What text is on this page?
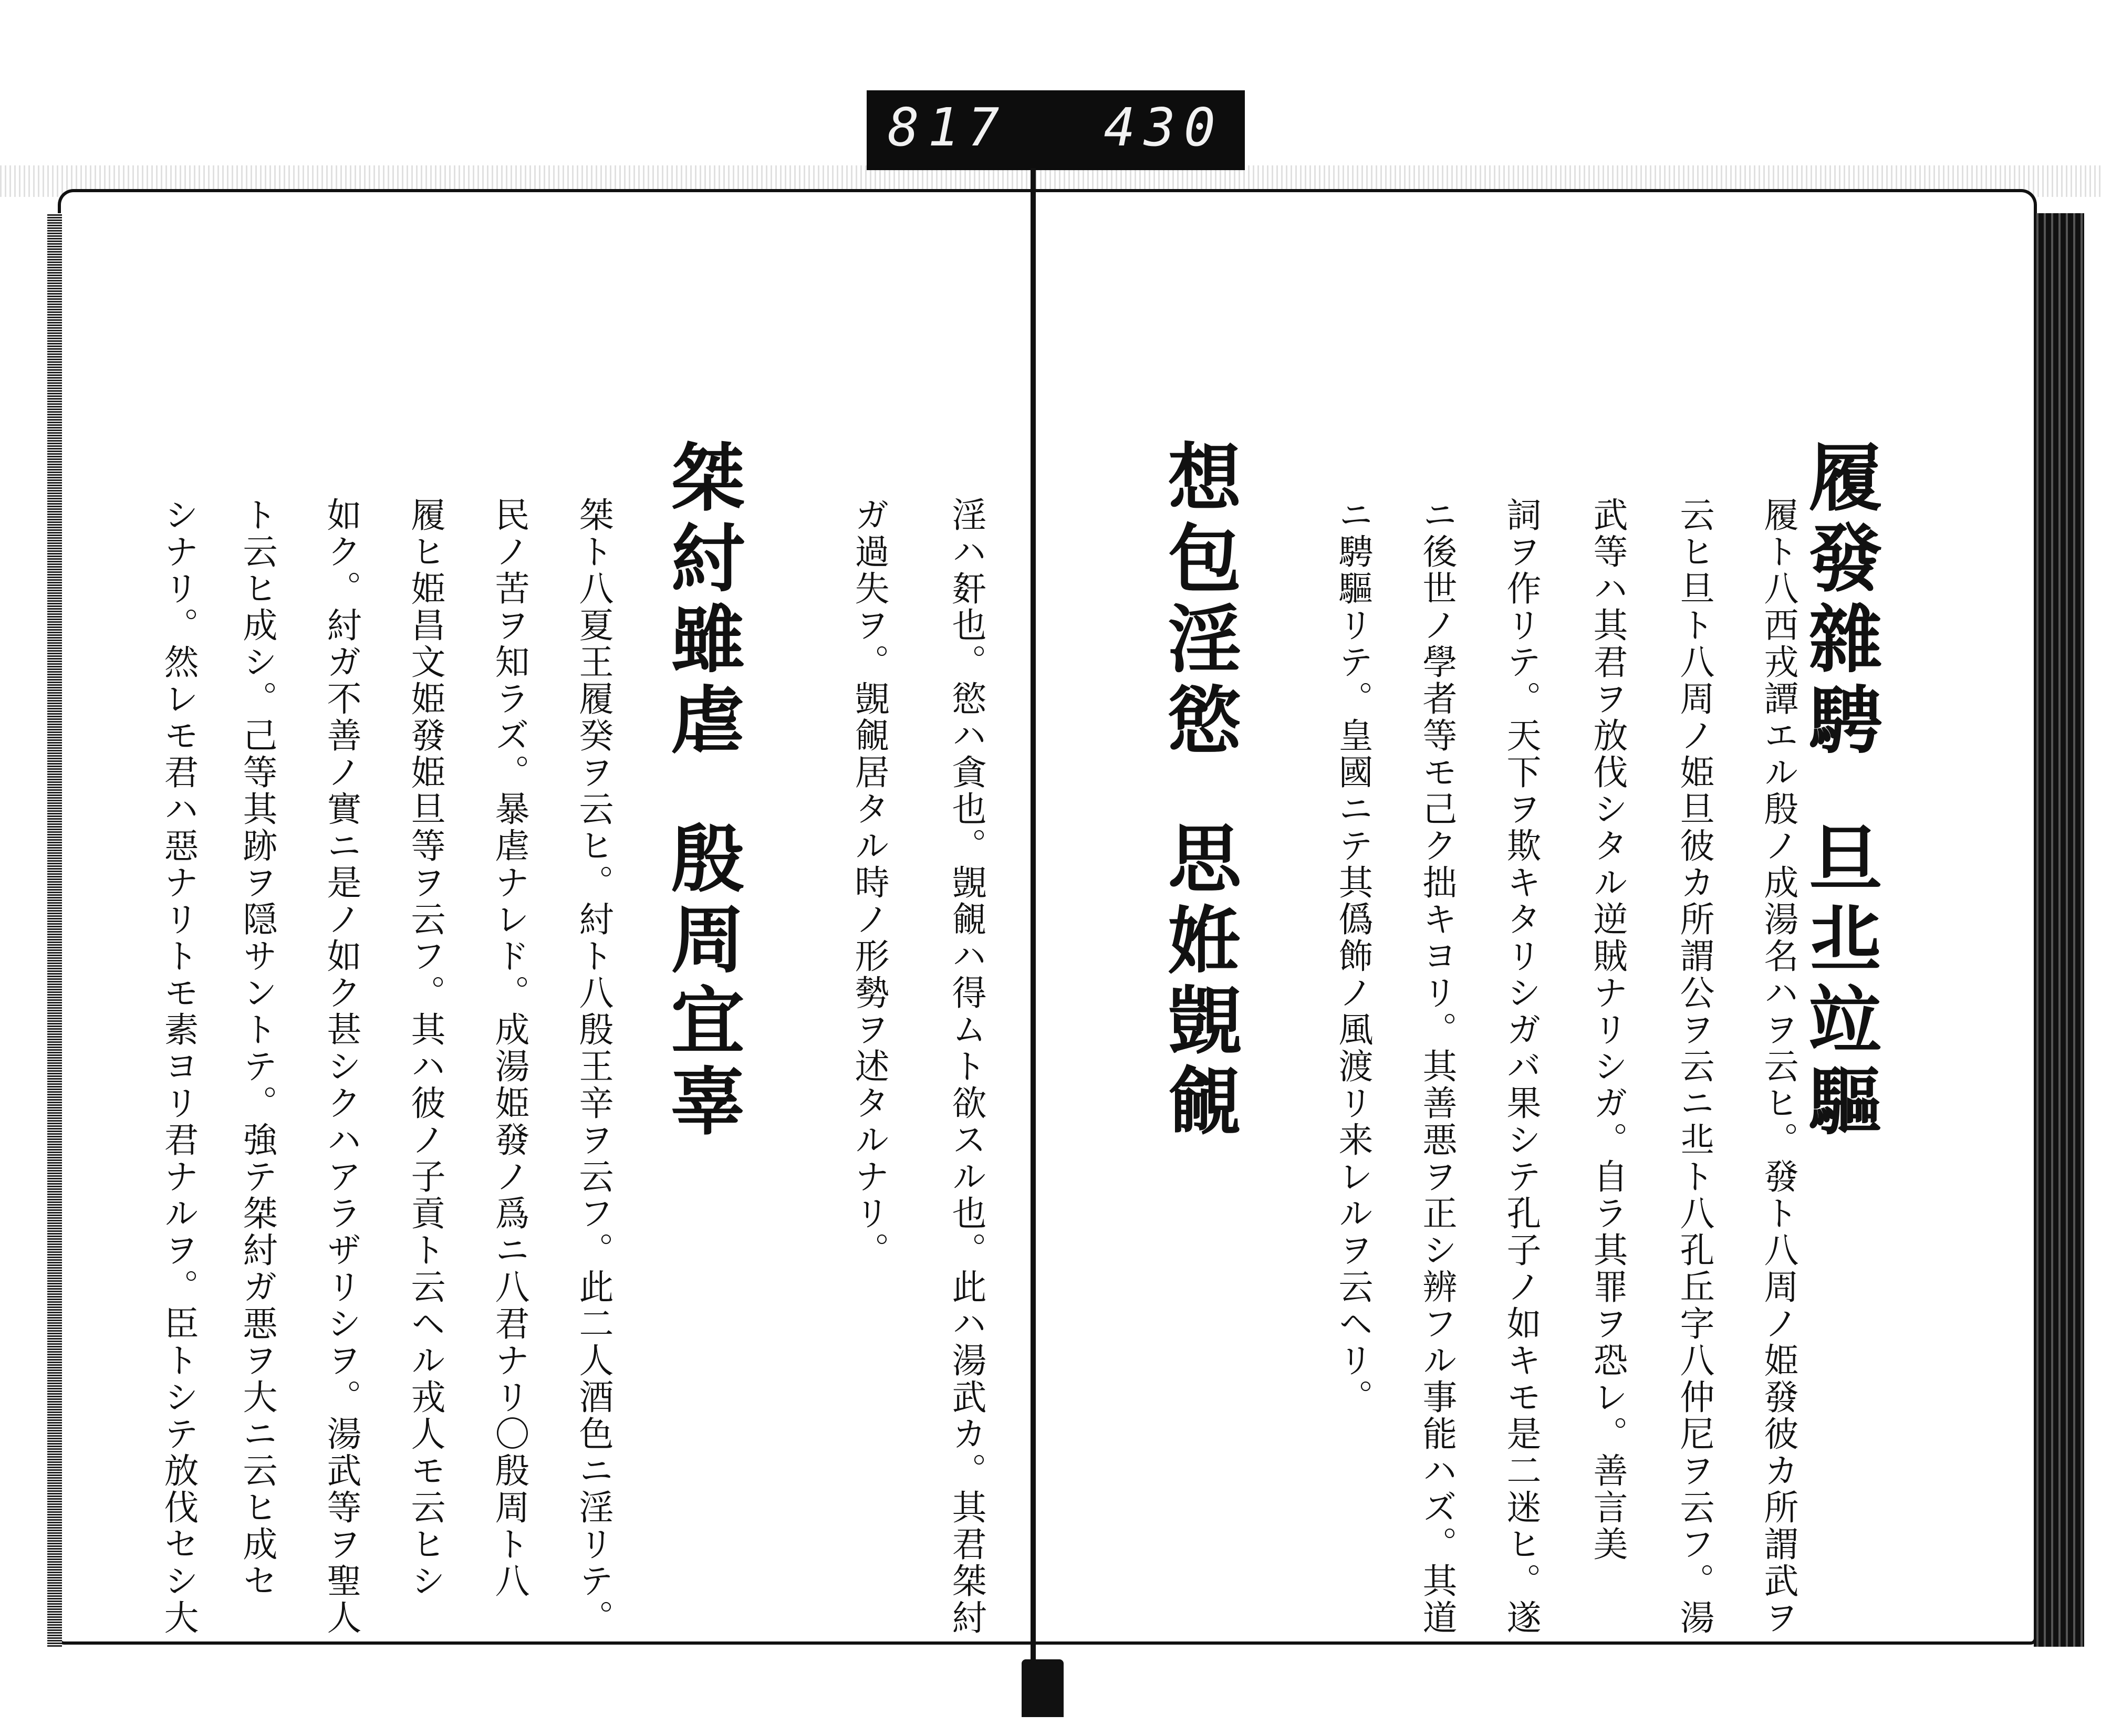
817 430
淫ハ姧也。慾ハ貪也。覬覦ハ得ムト欲スル也。此ハ湯武カ。其君桀紂
ガ過失ヲ。覬覦居タル時ノ形勢ヲ述タルナリ。
桀紂雖虐殷周宜辜
桀ト八夏王履癸ヲ云ヒ。紂ト八殷王辛ヲ云フ。此二人酒色ニ淫リテ。
民ノ苦ヲ知ラズ。暴虐ナレド。成湯姫發ノ爲ニ八君ナリ〇殷周ト八
履ヒ姫昌文姫發姫旦等ヲ云フ。其ハ彼ノ子貢ト云ヘル戎人モ云ヒシ
如ク。紂ガ不善ノ實ニ是ノ如ク甚シクハアラザリシヲ。湯武等ヲ聖人
ト云ヒ成シ。己等其跡ヲ隠サントテ。強テ桀紂ガ悪ヲ大ニ云ヒ成セ
シナリ。然レモ君ハ惡ナリトモ素ヨリ君ナルヲ。臣トシテ放伐セシ大	履發雜騁旦丠竝驅
履ト八西戎譚エル殷ノ成湯名ハヲ云ヒ。發ト八周ノ姫發彼カ所謂武ヲ
云ヒ旦ト八周ノ姫旦彼カ所謂公ヲ云ニ丠ト八孔丘字八仲尼ヲ云フ。湯
武等ハ其君ヲ放伐シタル逆賊ナリシガ。自ラ其罪ヲ恐レ。善言美
詞ヲ作リテ。天下ヲ欺キタリシガバ果シテ孔子ノ如キモ是二迷ヒ。遂
ニ後世ノ學者等モ己ク拙キヨリ。其善悪ヲ正シ辨フル事能ハズ。其道
ニ騁驅リテ。皇國ニテ其僞飾ノ風渡リ来レルヲ云ヘリ。
想包淫慾思姙覬覦
